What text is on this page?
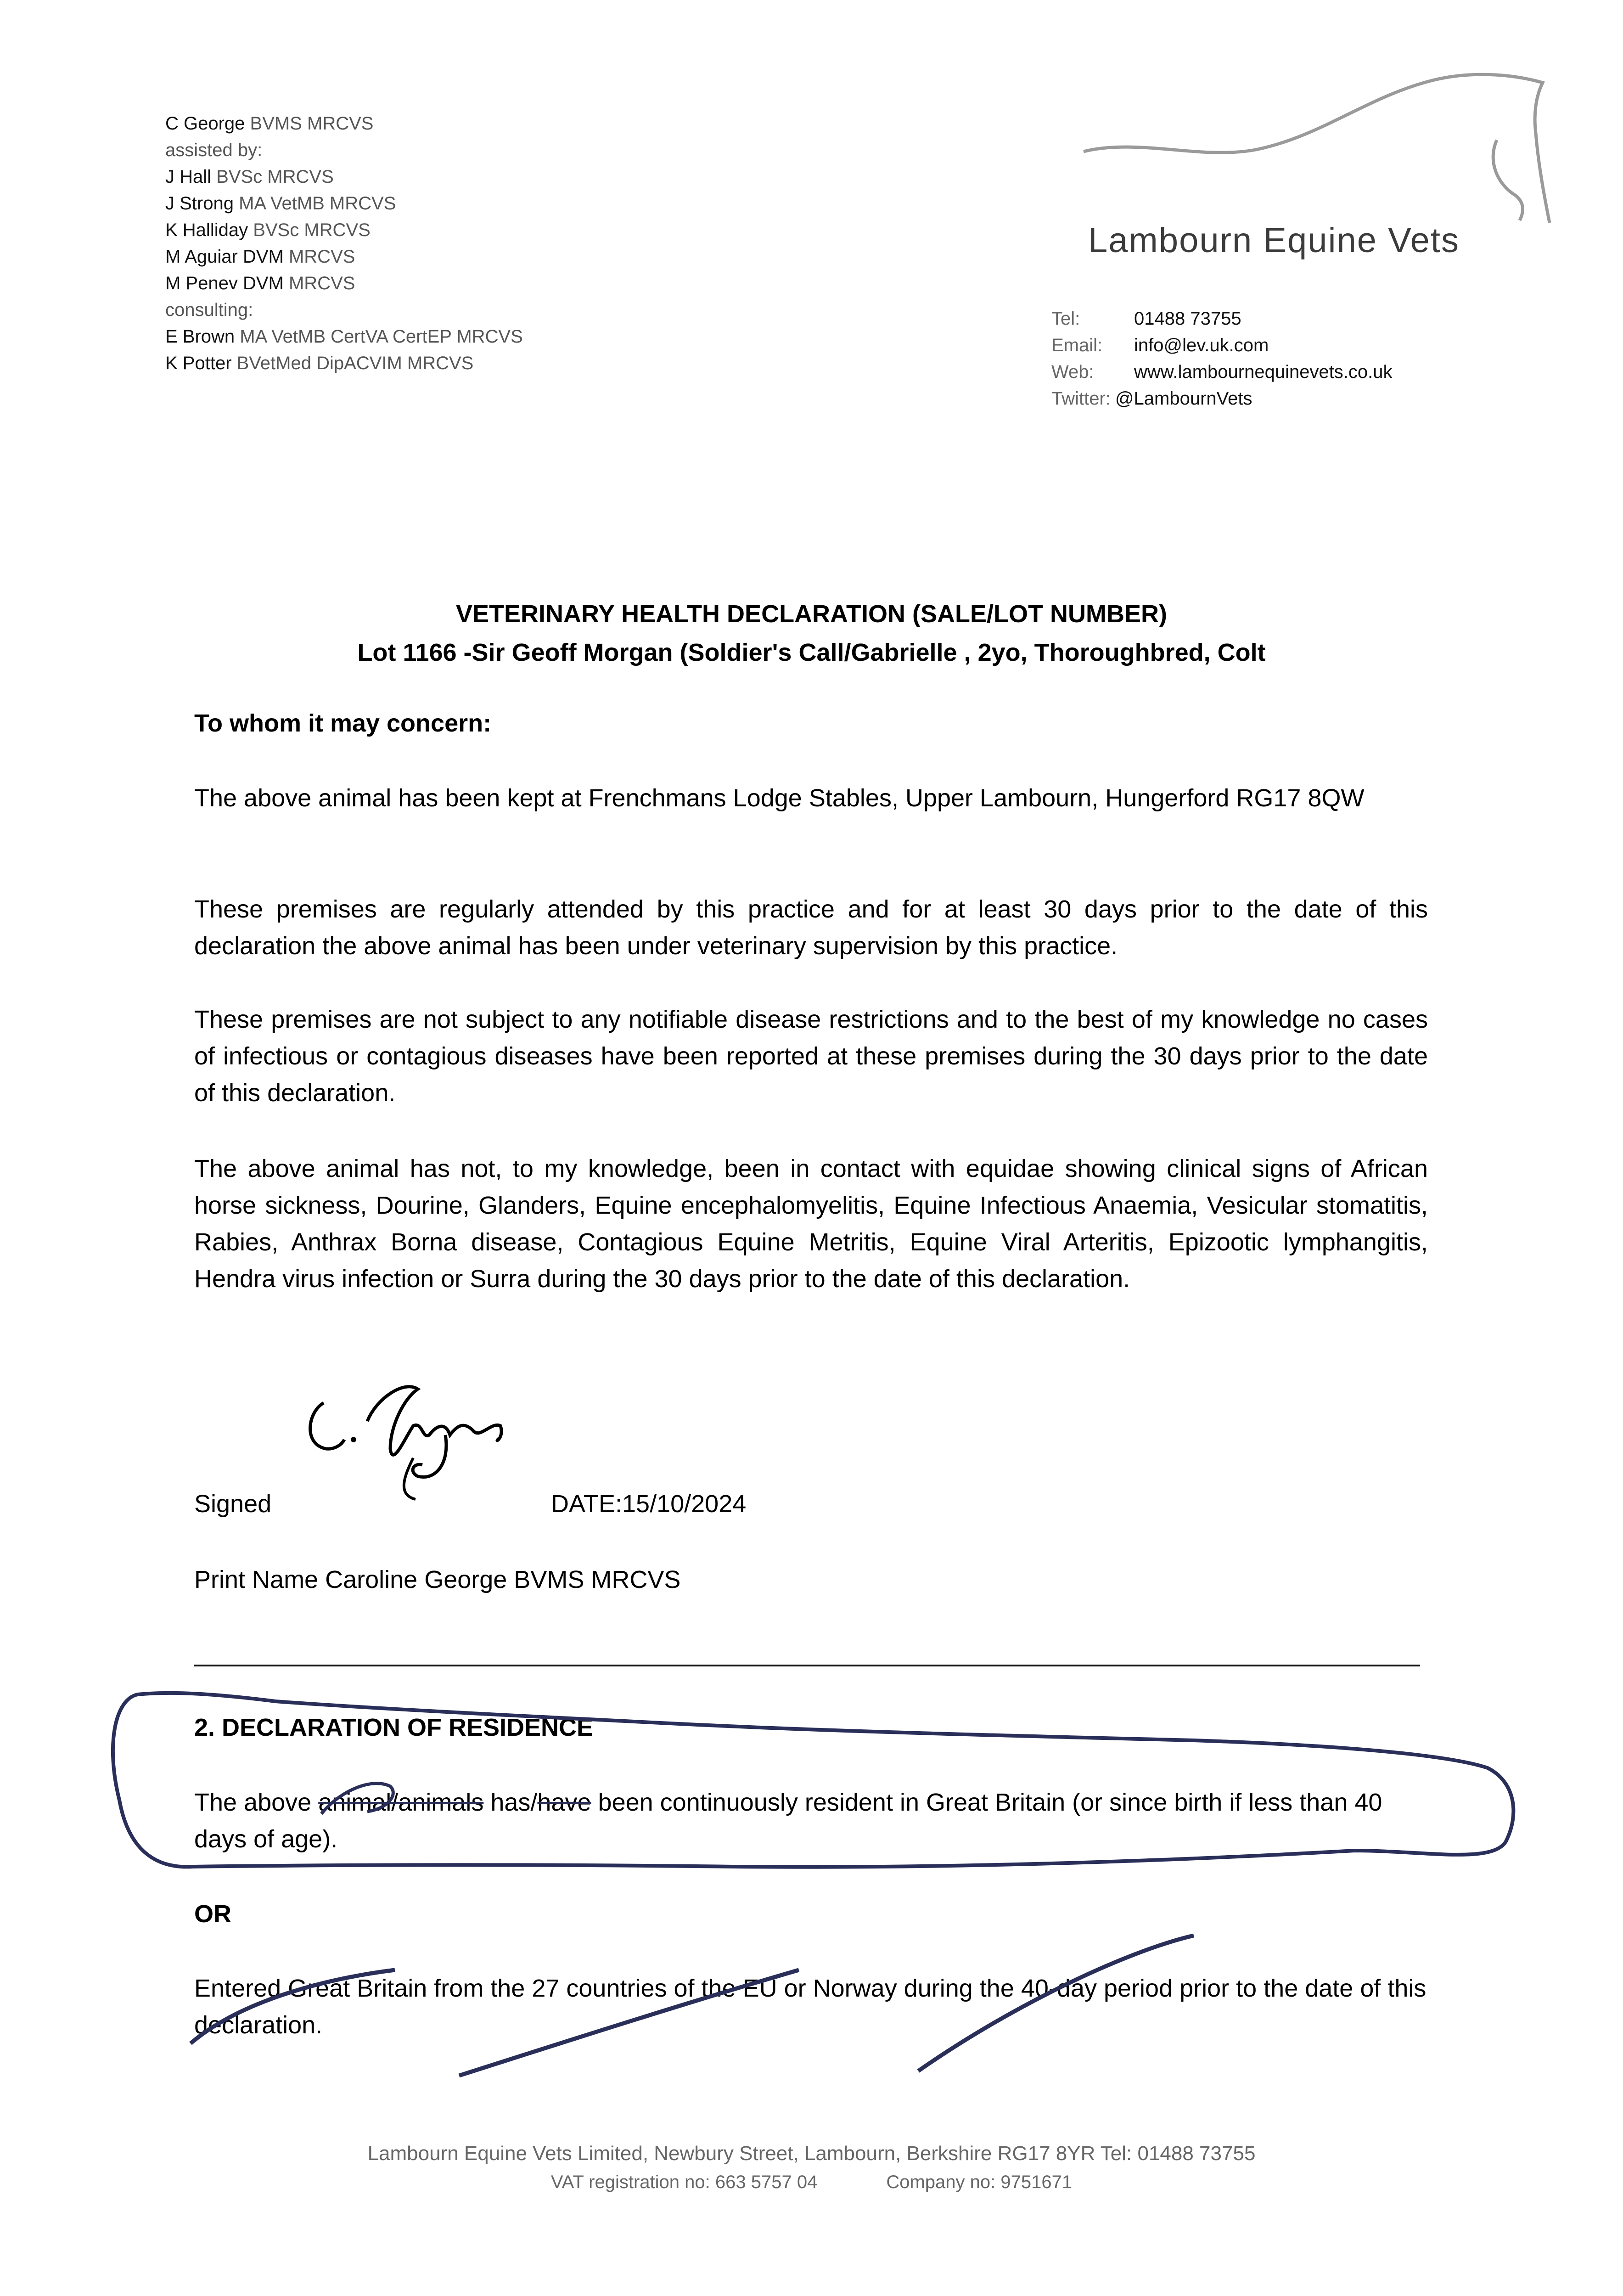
C George BVMS MRCVS
assisted by:
J Hall BVSc MRCVS
J Strong MA VetMB MRCVS
K Halliday BVSc MRCVS
M Aguiar DVM MRCVS
M Penev DVM MRCVS
consulting:
E Brown MA VetMB CertVA CertEP MRCVS
K Potter BVetMed DipACVIM MRCVS
Lambourn Equine Vets
Tel:	01488 73755
Email:	info@lev.uk.com
Web:	www.lambournequinevets.co.uk
Twitter: @LambournVets
VETERINARY HEALTH DECLARATION (SALE/LOT NUMBER)
Lot 1166 -Sir Geoff Morgan (Soldier's Call/Gabrielle , 2yo, Thoroughbred, Colt
To whom it may concern:
The above animal has been kept at Frenchmans Lodge Stables, Upper Lambourn, Hungerford RG17 8QW
These premises are regularly attended by this practice and for at least 30 days prior to the date of this declaration the above animal has been under veterinary supervision by this practice.
These premises are not subject to any notifiable disease restrictions and to the best of my knowledge no cases of infectious or contagious diseases have been reported at these premises during the 30 days prior to the date of this declaration.
The above animal has not, to my knowledge, been in contact with equidae showing clinical signs of African horse sickness, Dourine, Glanders, Equine encephalomyelitis, Equine Infectious Anaemia, Vesicular stomatitis, Rabies, Anthrax Borna disease, Contagious Equine Metritis, Equine Viral Arteritis, Epizootic lymphangitis, Hendra virus infection or Surra during the 30 days prior to the date of this declaration.
Signed	DATE:15/10/2024
Print Name Caroline George BVMS MRCVS
2. DECLARATION OF RESIDENCE
The above animal/animals has/have been continuously resident in Great Britain (or since birth if less than 40 days of age).
OR
Entered Great Britain from the 27 countries of the EU or Norway during the 40-day period prior to the date of this declaration.
Lambourn Equine Vets Limited, Newbury Street, Lambourn, Berkshire RG17 8YR Tel: 01488 73755
VAT registration no: 663 5757 04	Company no: 9751671
